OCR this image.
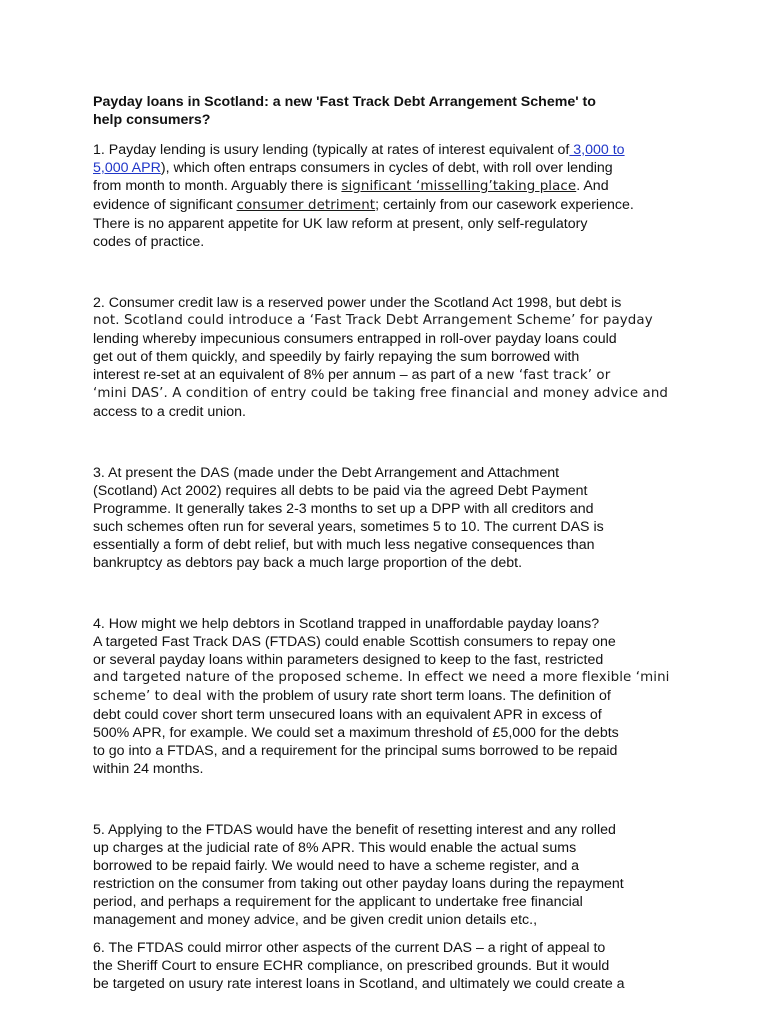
Payday loans in Scotland: a new 'Fast Track Debt Arrangement Scheme' to
help consumers?
1. Payday lending is usury lending (typically at rates of interest equivalent of 3,000 to
5,000 APR), which often entraps consumers in cycles of debt, with roll over lending
from month to month. Arguably there is significant ‘misselling’taking place. And
evidence of significant consumer detriment; certainly from our casework experience.
There is no apparent appetite for UK law reform at present, only self-regulatory
codes of practice.
2. Consumer credit law is a reserved power under the Scotland Act 1998, but debt is
not. Scotland could introduce a ‘Fast Track Debt Arrangement Scheme’ for payday
lending whereby impecunious consumers entrapped in roll-over payday loans could
get out of them quickly, and speedily by fairly repaying the sum borrowed with
interest re-set at an equivalent of 8% per annum – as part of a new ‘fast track’ or
‘mini DAS’. A condition of entry could be taking free financial and money advice and
access to a credit union.
3. At present the DAS (made under the Debt Arrangement and Attachment
(Scotland) Act 2002) requires all debts to be paid via the agreed Debt Payment
Programme. It generally takes 2-3 months to set up a DPP with all creditors and
such schemes often run for several years, sometimes 5 to 10. The current DAS is
essentially a form of debt relief, but with much less negative consequences than
bankruptcy as debtors pay back a much large proportion of the debt.
4. How might we help debtors in Scotland trapped in unaffordable payday loans?
A targeted Fast Track DAS (FTDAS) could enable Scottish consumers to repay one
or several payday loans within parameters designed to keep to the fast, restricted
and targeted nature of the proposed scheme. In effect we need a more flexible ‘mini
scheme’ to deal with the problem of usury rate short term loans. The definition of
debt could cover short term unsecured loans with an equivalent APR in excess of
500% APR, for example. We could set a maximum threshold of £5,000 for the debts
to go into a FTDAS, and a requirement for the principal sums borrowed to be repaid
within 24 months.
5. Applying to the FTDAS would have the benefit of resetting interest and any rolled
up charges at the judicial rate of 8% APR. This would enable the actual sums
borrowed to be repaid fairly. We would need to have a scheme register, and a
restriction on the consumer from taking out other payday loans during the repayment
period, and perhaps a requirement for the applicant to undertake free financial
management and money advice, and be given credit union details etc.,
6. The FTDAS could mirror other aspects of the current DAS – a right of appeal to
the Sheriff Court to ensure ECHR compliance, on prescribed grounds. But it would
be targeted on usury rate interest loans in Scotland, and ultimately we could create a
